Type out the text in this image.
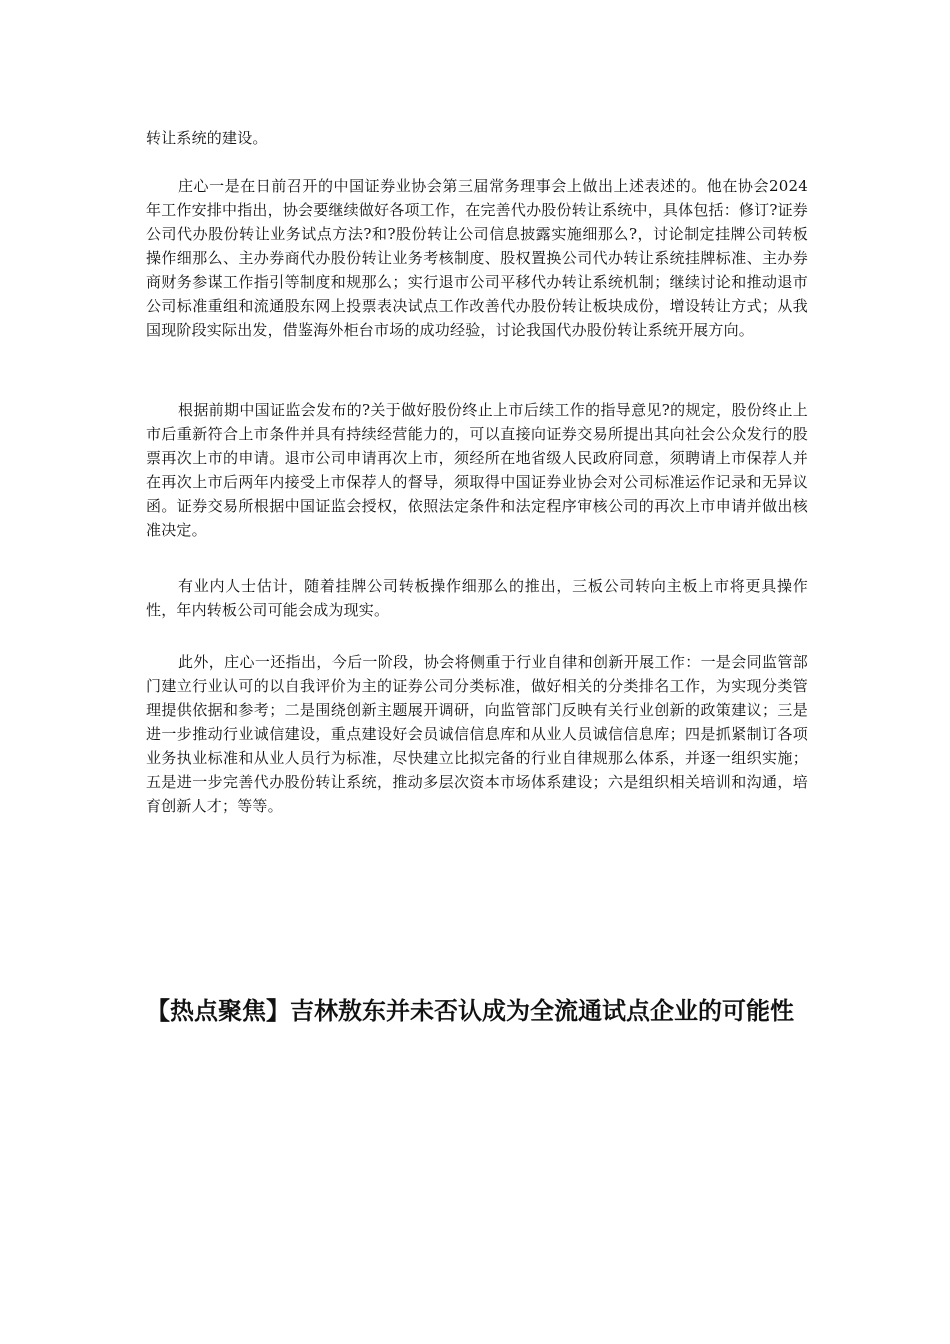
转让系统的建设。

庄心一是在日前召开的中国证券业协会第三届常务理事会上做出上述表述的。他在协会2024年工作安排中指出，协会要继续做好各项工作，在完善代办股份转让系统中，具体包括：修订?证券公司代办股份转让业务试点方法?和?股份转让公司信息披露实施细那么?，讨论制定挂牌公司转板操作细那么、主办券商代办股份转让业务考核制度、股权置换公司代办转让系统挂牌标准、主办券商财务参谋工作指引等制度和规那么；实行退市公司平移代办转让系统机制；继续讨论和推动退市公司标准重组和流通股东网上投票表决试点工作改善代办股份转让板块成份，增设转让方式；从我国现阶段实际出发，借鉴海外柜台市场的成功经验，讨论我国代办股份转让系统开展方向。

根据前期中国证监会发布的?关于做好股份终止上市后续工作的指导意见?的规定，股份终止上市后重新符合上市条件并具有持续经营能力的，可以直接向证券交易所提出其向社会公众发行的股票再次上市的申请。退市公司申请再次上市，须经所在地省级人民政府同意，须聘请上市保荐人并在再次上市后两年内接受上市保荐人的督导，须取得中国证券业协会对公司标准运作记录和无异议函。证券交易所根据中国证监会授权，依照法定条件和法定程序审核公司的再次上市申请并做出核准决定。

有业内人士估计，随着挂牌公司转板操作细那么的推出，三板公司转向主板上市将更具操作性，年内转板公司可能会成为现实。

此外，庄心一还指出，今后一阶段，协会将侧重于行业自律和创新开展工作：一是会同监管部门建立行业认可的以自我评价为主的证券公司分类标准，做好相关的分类排名工作，为实现分类管理提供依据和参考；二是围绕创新主题展开调研，向监管部门反映有关行业创新的政策建议；三是进一步推动行业诚信建设，重点建设好会员诚信信息库和从业人员诚信信息库；四是抓紧制订各项业务执业标准和从业人员行为标准，尽快建立比拟完备的行业自律规那么体系，并逐一组织实施；五是进一步完善代办股份转让系统，推动多层次资本市场体系建设；六是组织相关培训和沟通，培育创新人才；等等。

【热点聚焦】吉林敖东并未否认成为全流通试点企业的可能性
